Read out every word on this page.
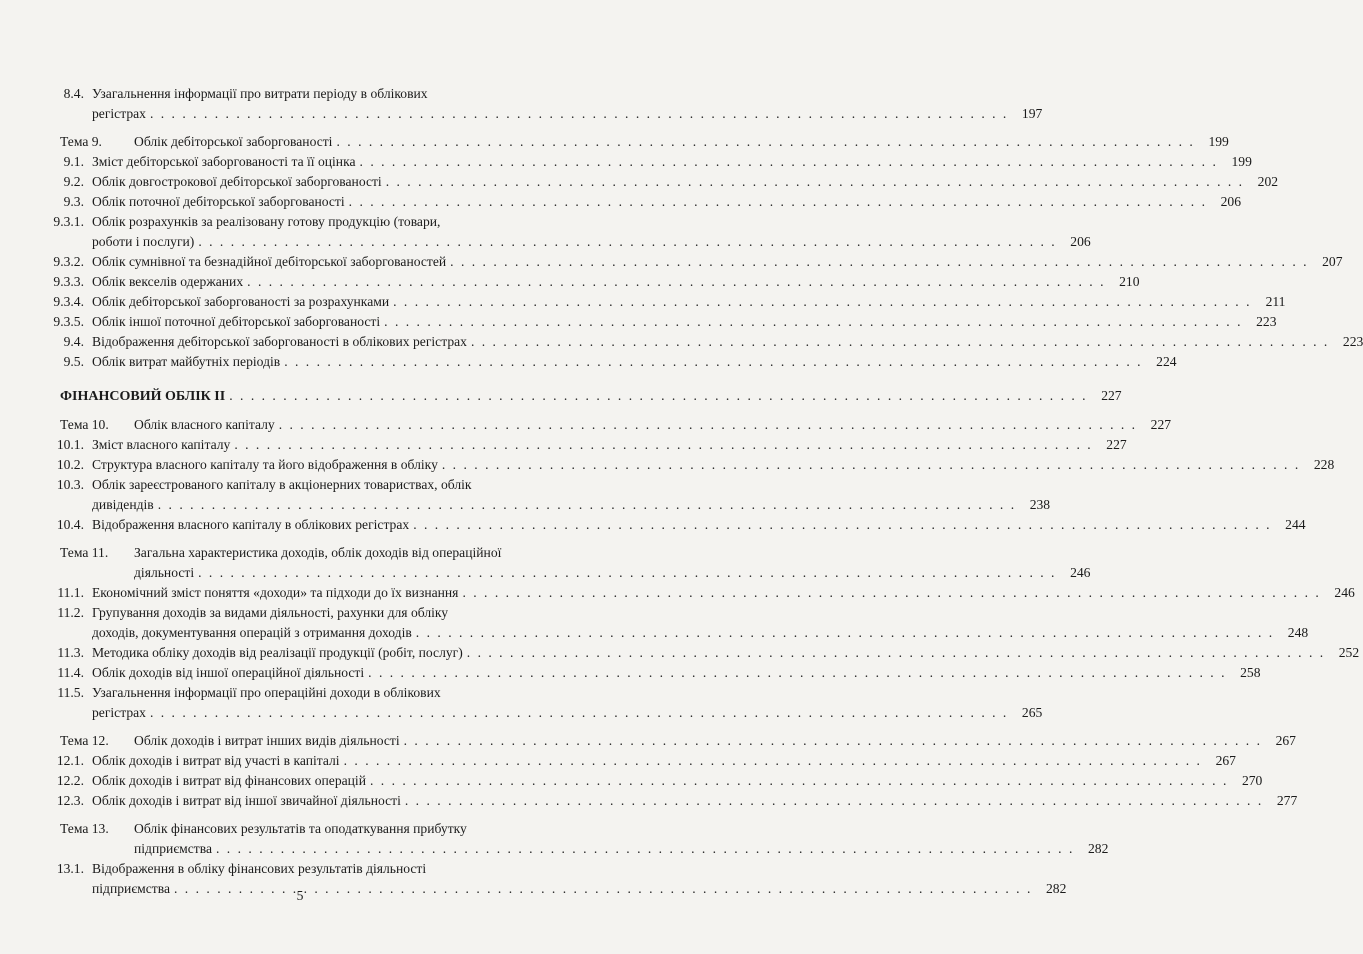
8.4. Узагальнення інформації про витрати періоду в облікових
регістрах . . .	197
Тема 9. Облік дебіторської заборгованості . . .	199
9.1. Зміст дебіторської заборгованості та її оцінка . . .	199
9.2. Облік довгострокової дебіторської заборгованості . . .	202
9.3. Облік поточної дебіторської заборгованості . . .	206
9.3.1. Облік розрахунків за реалізовану готову продукцію (товари,
роботи і послуги) . . .	206
9.3.2. Облік сумнівної та безнадійної дебіторської заборгованостей . . .	207
9.3.3. Облік векселів одержаних . . .	210
9.3.4. Облік дебіторської заборгованості за розрахунками . . .	211
9.3.5. Облік іншої поточної дебіторської заборгованості . . .	223
9.4. Відображення дебіторської заборгованості в облікових регістрах . . .	223
9.5. Облік витрат майбутніх періодів . . .	224
ФІНАНСОВИЙ ОБЛІК ІІ . . .	227
Тема 10. Облік власного капіталу . . .	227
10.1. Зміст власного капіталу . . .	227
10.2. Структура власного капіталу та його відображення в обліку . . .	228
10.3. Облік зареєстрованого капіталу в акціонерних товариствах, облік
дивідендів . . .	238
10.4. Відображення власного капіталу в облікових регістрах . . .	244
Тема 11. Загальна характеристика доходів, облік доходів від операційної
діяльності . . .	246
11.1. Економічний зміст поняття «доходи» та підходи до їх визнання . . .	246
11.2. Групування доходів за видами діяльності, рахунки для обліку
доходів, документування операцій з отримання доходів . . .	248
11.3. Методика обліку доходів від реалізації продукції (робіт, послуг) . . .	252
11.4. Облік доходів від іншої операційної діяльності . . .	258
11.5. Узагальнення інформації про операційні доходи в облікових
регістрах . . .	265
Тема 12. Облік доходів і витрат інших видів діяльності . . .	267
12.1. Облік доходів і витрат від участі в капіталі . . .	267
12.2. Облік доходів і витрат від фінансових операцій . . .	270
12.3. Облік доходів і витрат від іншої звичайної діяльності . . .	277
Тема 13. Облік фінансових результатів та оподаткування прибутку
підприємства . . .	282
13.1. Відображення в обліку фінансових результатів діяльності
підприємства . . .	282
5
